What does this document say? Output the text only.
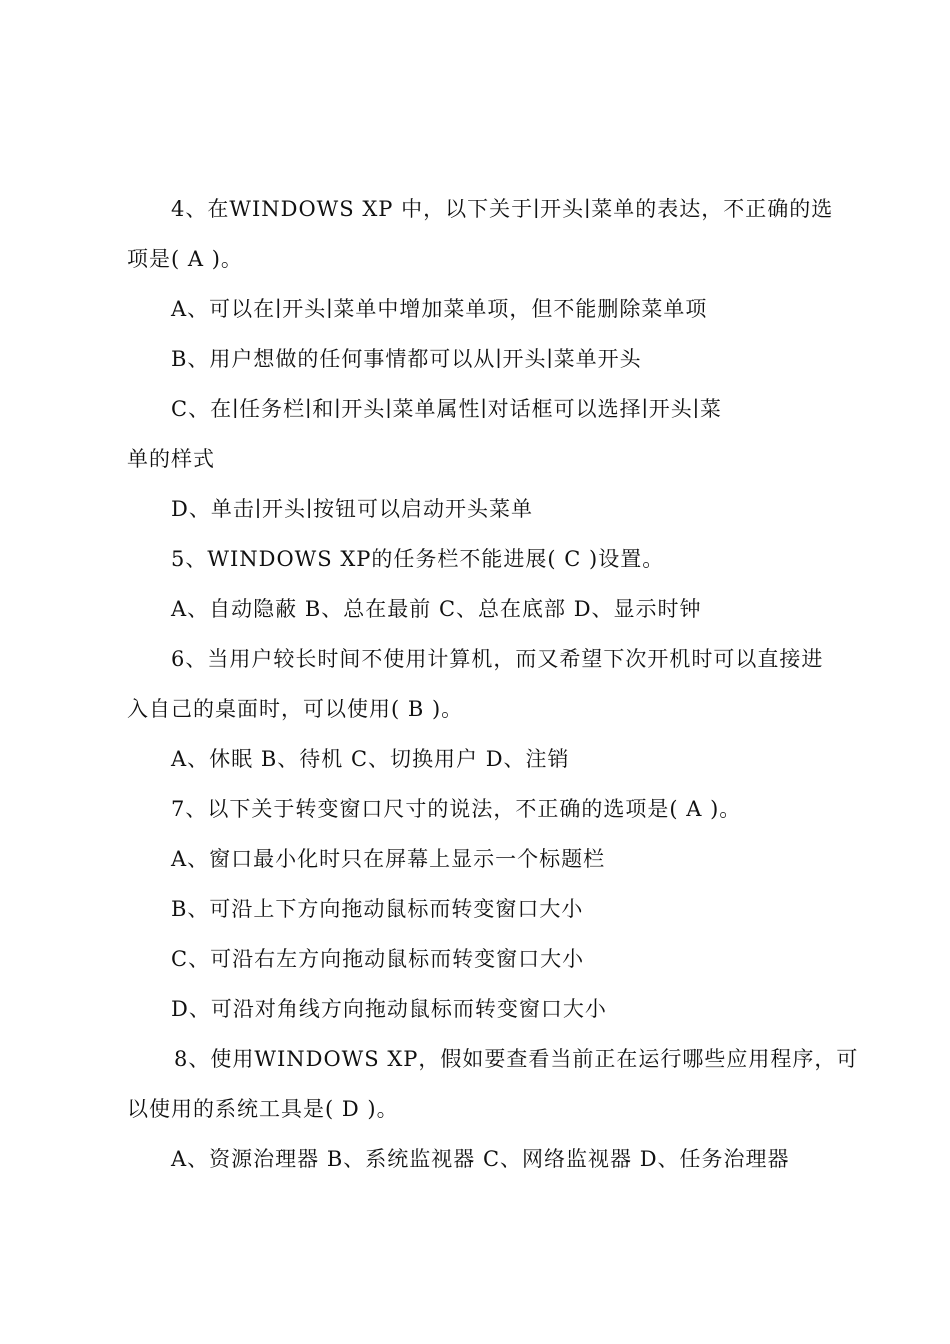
4、在WINDOWS XP 中，以下关于∣开头∣菜单的表达，不正确的选
项是( A )。
A、可以在∣开头∣菜单中增加菜单项，但不能删除菜单项
B、用户想做的任何事情都可以从∣开头∣菜单开头
C、在∣任务栏∣和∣开头∣菜单属性∣对话框可以选择∣开头∣菜
单的样式
D、单击∣开头∣按钮可以启动开头菜单
5、WINDOWS XP的任务栏不能进展( C )设置。
A、自动隐蔽 B、总在最前 C、总在底部 D、显示时钟
6、当用户较长时间不使用计算机，而又希望下次开机时可以直接进
入自己的桌面时，可以使用( B )。
A、休眠 B、待机 C、切换用户 D、注销
7、以下关于转变窗口尺寸的说法，不正确的选项是( A )。
A、窗口最小化时只在屏幕上显示一个标题栏
B、可沿上下方向拖动鼠标而转变窗口大小
C、可沿右左方向拖动鼠标而转变窗口大小
D、可沿对角线方向拖动鼠标而转变窗口大小
8、使用WINDOWS XP，假如要查看当前正在运行哪些应用程序，可
以使用的系统工具是( D )。
A、资源治理器 B、系统监视器 C、网络监视器 D、任务治理器
